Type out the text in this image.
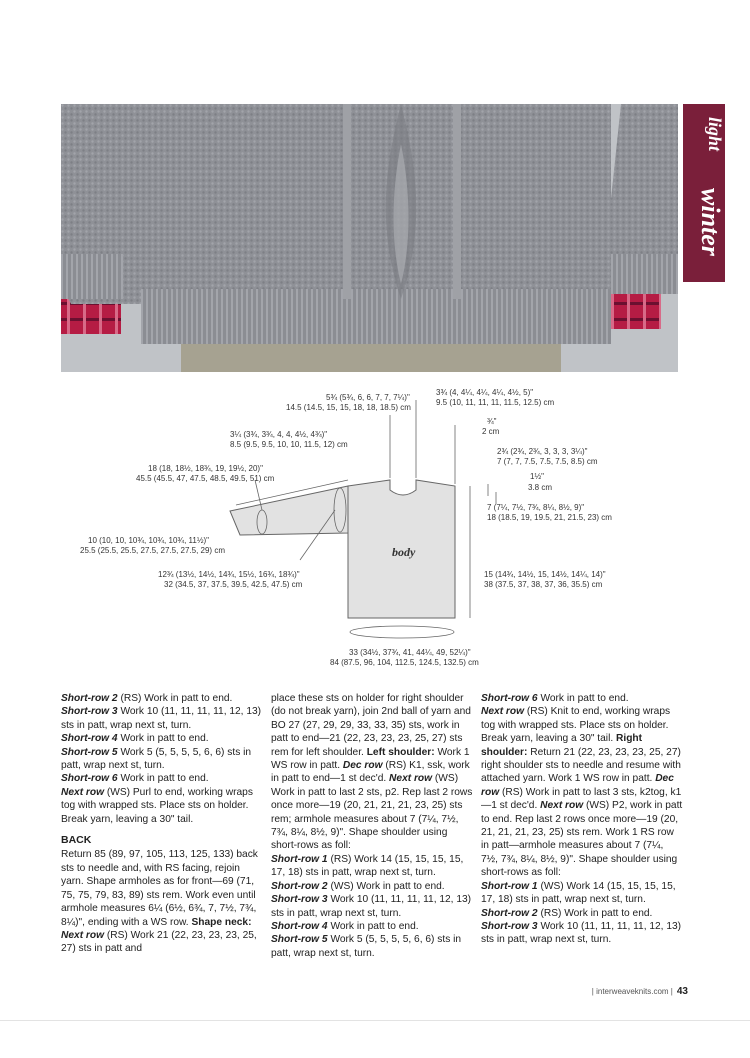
light
winter
5¾ (5¾, 6, 6, 7, 7, 7¼)"
14.5 (14.5, 15, 15, 18, 18, 18.5) cm
3¾ (4, 4¼, 4¼, 4¼, 4½, 5)"
9.5 (10, 11, 11, 11, 11.5, 12.5) cm
¾"
2 cm
3¼ (3¾, 3¾, 4, 4, 4½, 4¾)"
8.5 (9.5, 9.5, 10, 10, 11.5, 12) cm
2¾ (2¾, 2¾, 3, 3, 3, 3¼)"
7 (7, 7, 7.5, 7.5, 7.5, 8.5) cm
18 (18, 18½, 18¾, 19, 19½, 20)"
45.5 (45.5, 47, 47.5, 48.5, 49.5, 51) cm	1½"
3.8 cm
7 (7¼, 7½, 7¾, 8¼, 8½, 9)"
18 (18.5, 19, 19.5, 21, 21.5, 23) cm
10 (10, 10, 10¾, 10¾, 10¾, 11½)"
25.5 (25.5, 25.5, 27.5, 27.5, 27.5, 29) cm	body
12¾ (13½, 14½, 14¾, 15½, 16¾, 18¾)"
32 (34.5, 37, 37.5, 39.5, 42.5, 47.5) cm
15 (14¾, 14½, 15, 14½, 14¼, 14)"
38 (37.5, 37, 38, 37, 36, 35.5) cm
33 (34½, 37¾, 41, 44¼, 49, 52¼)"
84 (87.5, 96, 104, 112.5, 124.5, 132.5) cm

Short-row 2 (RS) Work in patt to end.

Short-row 3 Work 10 (11, 11, 11, 11, 12, 13) sts in patt, wrap next st, turn.

Short-row 4 Work in patt to end.

Short-row 5 Work 5 (5, 5, 5, 5, 6, 6) sts in patt, wrap next st, turn.

Short-row 6 Work in patt to end.

Next row (WS) Purl to end, working wraps tog with wrapped sts. Place sts on holder. Break yarn, leaving a 30" tail.

BACK

Return 85 (89, 97, 105, 113, 125, 133) back sts to needle and, with RS facing, rejoin yarn. Shape armholes as for front—69 (71, 75, 75, 79, 83, 89) sts rem. Work even until armhole measures 6¼ (6½, 6¾, 7, 7½, 7¾, 8¼)", ending with a WS row. Shape neck: Next row (RS) Work 21 (22, 23, 23, 23, 25, 27) sts in patt and

place these sts on holder for right shoulder (do not break yarn), join 2nd ball of yarn and BO 27 (27, 29, 29, 33, 33, 35) sts, work in patt to end—21 (22, 23, 23, 23, 25, 27) sts rem for left shoulder. Left shoulder: Work 1 WS row in patt. Dec row (RS) K1, ssk, work in patt to end—1 st dec'd. Next row (WS) Work in patt to last 2 sts, p2. Rep last 2 rows once more—19 (20, 21, 21, 21, 23, 25) sts rem; armhole measures about 7 (7¼, 7½, 7¾, 8¼, 8½, 9)". Shape shoulder using short-rows as foll:

Short-row 1 (RS) Work 14 (15, 15, 15, 15, 17, 18) sts in patt, wrap next st, turn.

Short-row 2 (WS) Work in patt to end.

Short-row 3 Work 10 (11, 11, 11, 11, 12, 13) sts in patt, wrap next st, turn.

Short-row 4 Work in patt to end.

Short-row 5 Work 5 (5, 5, 5, 5, 6, 6) sts in patt, wrap next st, turn.

Short-row 6 Work in patt to end.

Next row (RS) Knit to end, working wraps tog with wrapped sts. Place sts on holder. Break yarn, leaving a 30" tail. Right shoulder: Return 21 (22, 23, 23, 23, 25, 27) right shoulder sts to needle and resume with attached yarn. Work 1 WS row in patt. Dec row (RS) Work in patt to last 3 sts, k2tog, k1—1 st dec'd. Next row (WS) P2, work in patt to end. Rep last 2 rows once more—19 (20, 21, 21, 21, 23, 25) sts rem. Work 1 RS row in patt—armhole measures about 7 (7¼, 7½, 7¾, 8¼, 8½, 9)". Shape shoulder using short-rows as foll:

Short-row 1 (WS) Work 14 (15, 15, 15, 15, 17, 18) sts in patt, wrap next st, turn.

Short-row 2 (RS) Work in patt to end.

Short-row 3 Work 10 (11, 11, 11, 11, 12, 13) sts in patt, wrap next st, turn.

| interweaveknits.com | 43
